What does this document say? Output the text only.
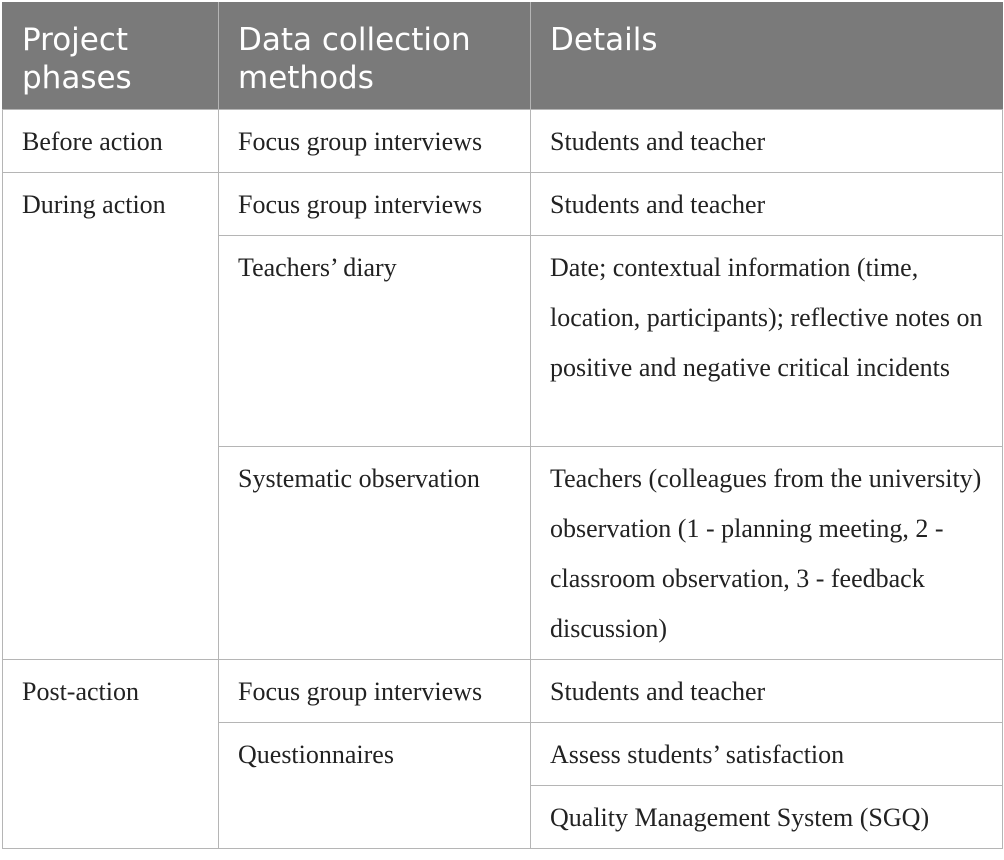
Project phases	Data collection methods	Details
Before action	Focus group interviews	Students and teacher
During action	Focus group interviews	Students and teacher
	Teachers’ diary	Date; contextual information (time, location, participants); reflective notes on positive and negative critical incidents
	Systematic observation	Teachers (colleagues from the university) observation (1 - planning meeting, 2 - classroom observation, 3 - feedback discussion)
Post-action	Focus group interviews	Students and teacher
	Questionnaires	Assess students’ satisfaction
		Quality Management System (SGQ)
